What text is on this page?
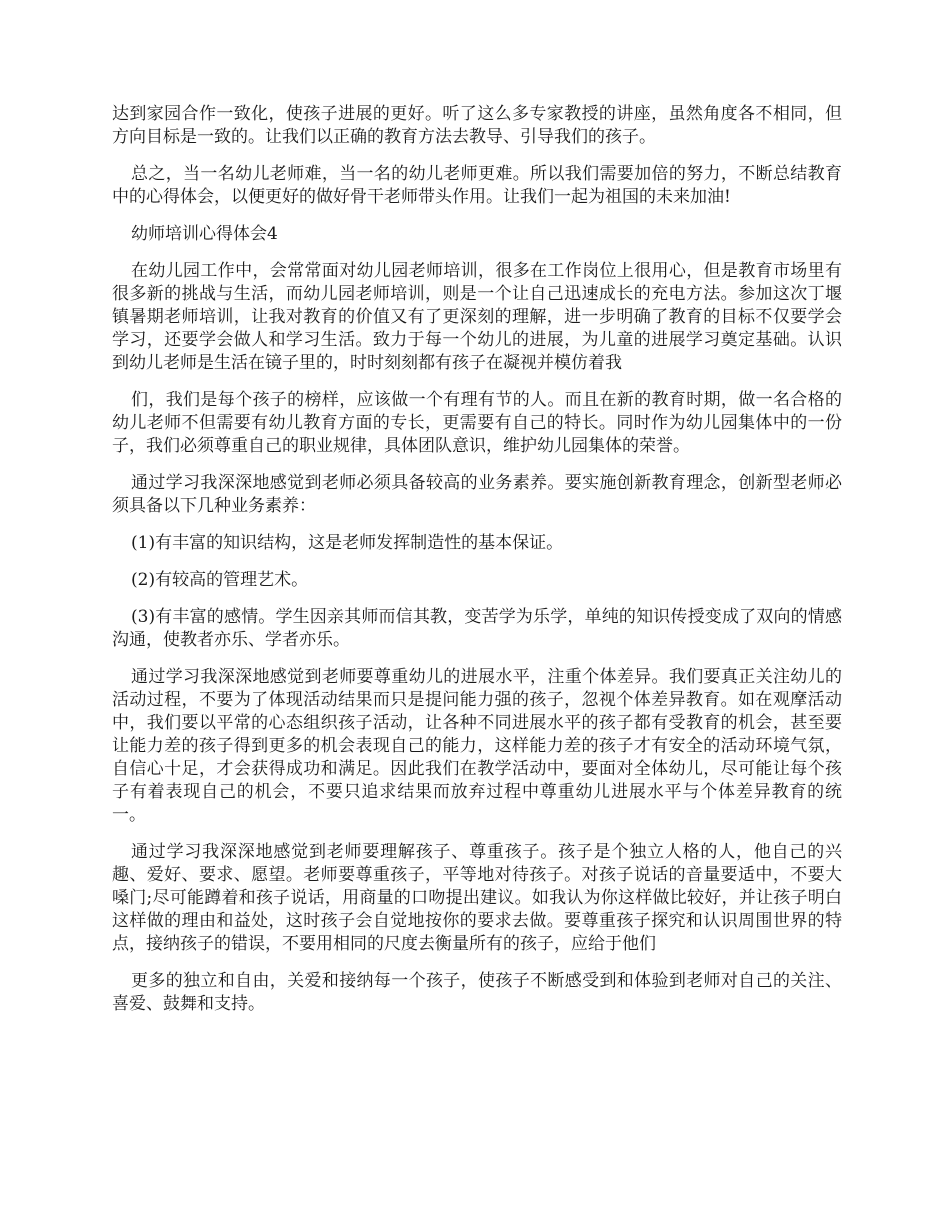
达到家园合作一致化，使孩子进展的更好。听了这么多专家教授的讲座，虽然角度各不相同，但方向目标是一致的。让我们以正确的教育方法去教导、引导我们的孩子。

总之，当一名幼儿老师难，当一名的幼儿老师更难。所以我们需要加倍的努力，不断总结教育中的心得体会，以便更好的做好骨干老师带头作用。让我们一起为祖国的未来加油!

幼师培训心得体会4

在幼儿园工作中，会常常面对幼儿园老师培训，很多在工作岗位上很用心，但是教育市场里有很多新的挑战与生活，而幼儿园老师培训，则是一个让自己迅速成长的充电方法。参加这次丁堰镇暑期老师培训，让我对教育的价值又有了更深刻的理解，进一步明确了教育的目标不仅要学会学习，还要学会做人和学习生活。致力于每一个幼儿的进展，为儿童的进展学习奠定基础。认识到幼儿老师是生活在镜子里的，时时刻刻都有孩子在凝视并模仿着我

们，我们是每个孩子的榜样，应该做一个有理有节的人。而且在新的教育时期，做一名合格的幼儿老师不但需要有幼儿教育方面的专长，更需要有自己的特长。同时作为幼儿园集体中的一份子，我们必须尊重自己的职业规律，具体团队意识，维护幼儿园集体的荣誉。

通过学习我深深地感觉到老师必须具备较高的业务素养。要实施创新教育理念，创新型老师必须具备以下几种业务素养：

(1)有丰富的知识结构，这是老师发挥制造性的基本保证。

(2)有较高的管理艺术。

(3)有丰富的感情。学生因亲其师而信其教，变苦学为乐学，单纯的知识传授变成了双向的情感沟通，使教者亦乐、学者亦乐。

通过学习我深深地感觉到老师要尊重幼儿的进展水平，注重个体差异。我们要真正关注幼儿的活动过程，不要为了体现活动结果而只是提问能力强的孩子，忽视个体差异教育。如在观摩活动中，我们要以平常的心态组织孩子活动，让各种不同进展水平的孩子都有受教育的机会，甚至要让能力差的孩子得到更多的机会表现自己的能力，这样能力差的孩子才有安全的活动环境气氛，自信心十足，才会获得成功和满足。因此我们在教学活动中，要面对全体幼儿，尽可能让每个孩子有着表现自己的机会，不要只追求结果而放弃过程中尊重幼儿进展水平与个体差异教育的统一。

通过学习我深深地感觉到老师要理解孩子、尊重孩子。孩子是个独立人格的人，他自己的兴趣、爱好、要求、愿望。老师要尊重孩子，平等地对待孩子。对孩子说话的音量要适中，不要大嗓门;尽可能蹲着和孩子说话，用商量的口吻提出建议。如我认为你这样做比较好，并让孩子明白这样做的理由和益处，这时孩子会自觉地按你的要求去做。要尊重孩子探究和认识周围世界的特点，接纳孩子的错误，不要用相同的尺度去衡量所有的孩子，应给于他们

更多的独立和自由，关爱和接纳每一个孩子，使孩子不断感受到和体验到老师对自己的关注、喜爱、鼓舞和支持。
